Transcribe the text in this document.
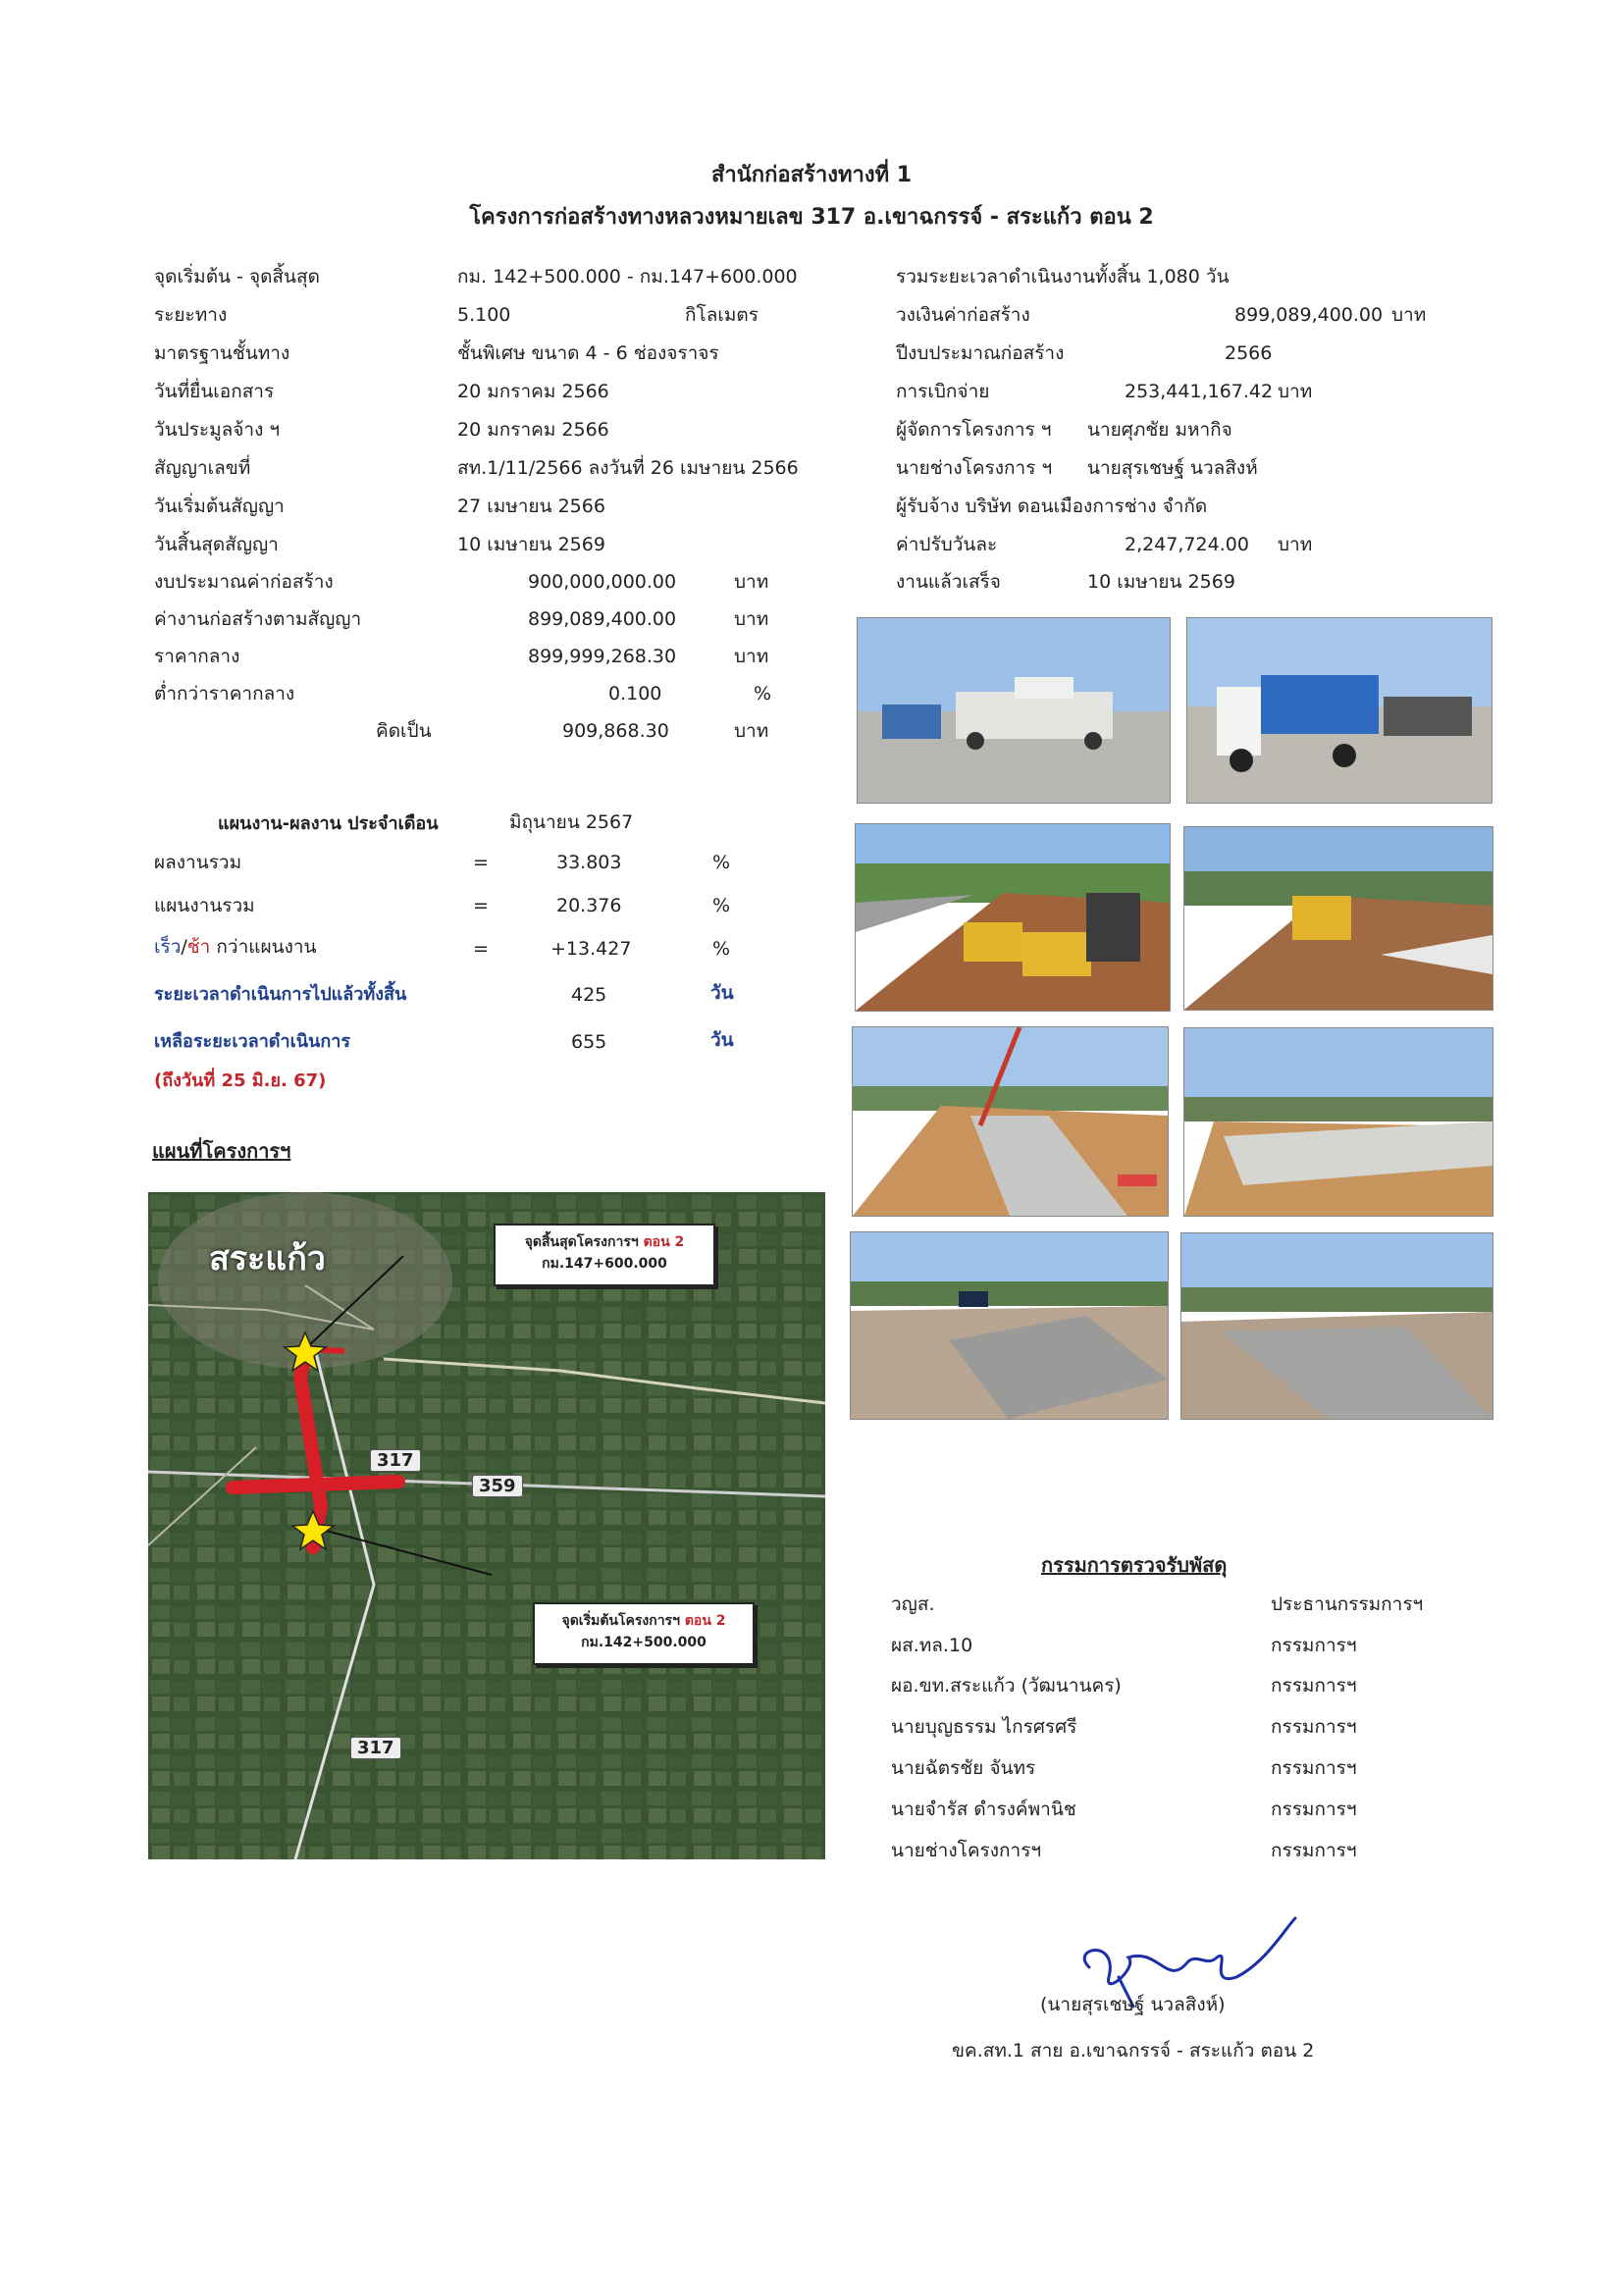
สำนักก่อสร้างทางที่ 1
โครงการก่อสร้างทางหลวงหมายเลข 317 อ.เขาฉกรรจ์ - สระแก้ว ตอน 2
จุดเริ่มต้น - จุดสิ้นสุด	กม. 142+500.000 - กม.147+600.000
ระยะทาง	5.100	กิโลเมตร
มาตรฐานชั้นทาง	ชั้นพิเศษ ขนาด 4 - 6 ช่องจราจร
วันที่ยื่นเอกสาร	20 มกราคม 2566
วันประมูลจ้าง ฯ	20 มกราคม 2566
สัญญาเลขที่	สท.1/11/2566 ลงวันที่ 26 เมษายน 2566
วันเริ่มต้นสัญญา	27 เมษายน 2566
วันสิ้นสุดสัญญา	10 เมษายน 2569
งบประมาณค่าก่อสร้าง	900,000,000.00	บาท
ค่างานก่อสร้างตามสัญญา	899,089,400.00	บาท
ราคากลาง	899,999,268.30	บาท
ต่ำกว่าราคากลาง	0.100	%
คิดเป็น	909,868.30	บาท
รวมระยะเวลาดำเนินงานทั้งสิ้น 1,080 วัน
วงเงินค่าก่อสร้าง	899,089,400.00 บาท
ปีงบประมาณก่อสร้าง	2566
การเบิกจ่าย	253,441,167.42 บาท
ผู้จัดการโครงการ ฯ นายศุภชัย มหากิจ
นายช่างโครงการ ฯ นายสุรเชษฐ์ นวลสิงห์
ผู้รับจ้าง บริษัท ดอนเมืองการช่าง จำกัด
ค่าปรับวันละ	2,247,724.00 บาท
งานแล้วเสร็จ	10 เมษายน 2569
แผนงาน-ผลงาน ประจำเดือน	มิถุนายน 2567
ผลงานรวม	=	33.803	%
แผนงานรวม	=	20.376	%
เร็ว/ช้า กว่าแผนงาน	=	+13.427	%
ระยะเวลาดำเนินการไปแล้วทั้งสิ้น	425	วัน
เหลือระยะเวลาดำเนินการ	655	วัน
(ถึงวันที่ 25 มิ.ย. 67)
แผนที่โครงการฯ
สระแก้ว	จุดสิ้นสุดโครงการฯ ตอน 2
กม.147+600.000
จุดเริ่มต้นโครงการฯ ตอน 2
กม.142+500.000
359
317
317
กรรมการตรวจรับพัสดุ
วญส.	ประธานกรรมการฯ
ผส.ทล.10	กรรมการฯ
ผอ.ขท.สระแก้ว (วัฒนานคร)	กรรมการฯ
นายบุญธรรม ไกรศรศรี	กรรมการฯ
นายฉัตรชัย จันทร	กรรมการฯ
นายจำรัส ดำรงค์พานิช	กรรมการฯ
นายช่างโครงการฯ	กรรมการฯ
(นายสุรเชษฐ์ นวลสิงห์)
ขค.สท.1 สาย อ.เขาฉกรรจ์ - สระแก้ว ตอน 2
